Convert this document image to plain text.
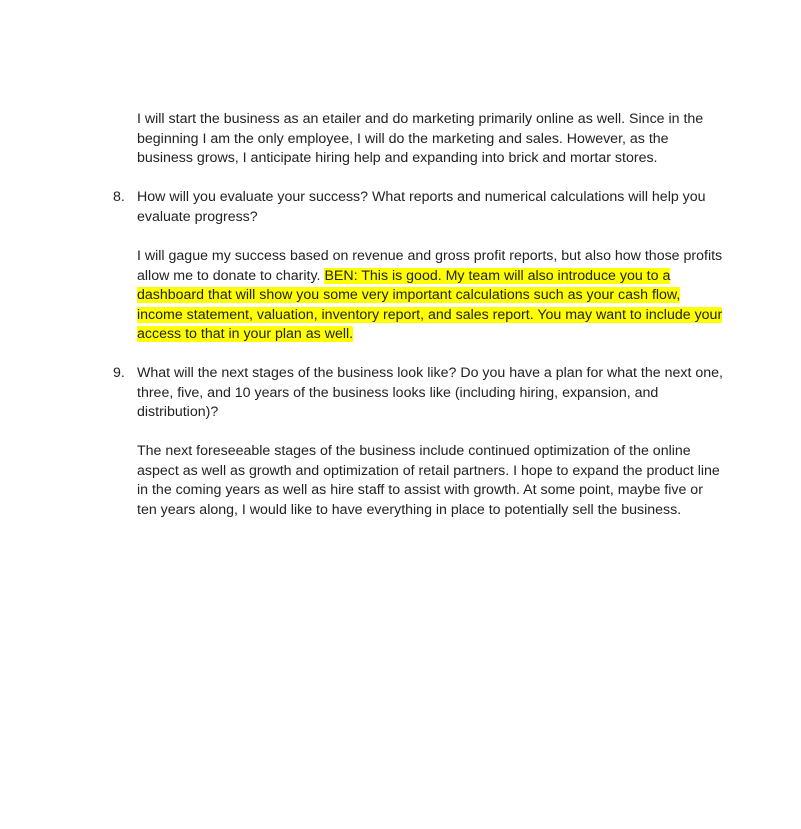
I will start the business as an etailer and do marketing primarily online as well. Since in the beginning I am the only employee, I will do the marketing and sales. However, as the business grows, I anticipate hiring help and expanding into brick and mortar stores.

8. How will you evaluate your success? What reports and numerical calculations will help you evaluate progress?

I will gague my success based on revenue and gross profit reports, but also how those profits allow me to donate to charity. BEN: This is good. My team will also introduce you to a dashboard that will show you some very important calculations such as your cash flow, income statement, valuation, inventory report, and sales report. You may want to include your access to that in your plan as well.

9. What will the next stages of the business look like? Do you have a plan for what the next one, three, five, and 10 years of the business looks like (including hiring, expansion, and distribution)?

The next foreseeable stages of the business include continued optimization of the online aspect as well as growth and optimization of retail partners. I hope to expand the product line in the coming years as well as hire staff to assist with growth. At some point, maybe five or ten years along, I would like to have everything in place to potentially sell the business.
